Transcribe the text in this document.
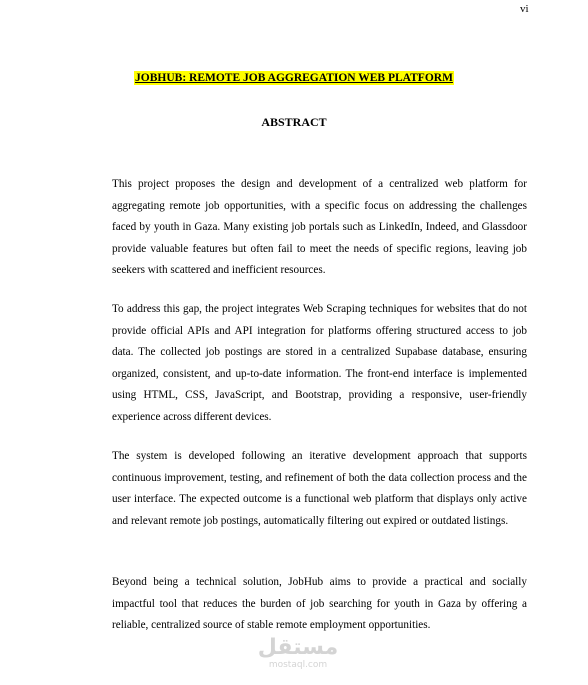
vi
JOBHUB: REMOTE JOB AGGREGATION WEB PLATFORM
ABSTRACT

This project proposes the design and development of a centralized web platform for aggregating remote job opportunities, with a specific focus on addressing the challenges faced by youth in Gaza. Many existing job portals such as LinkedIn, Indeed, and Glassdoor provide valuable features but often fail to meet the needs of specific regions, leaving job seekers with scattered and inefficient resources.

To address this gap, the project integrates Web Scraping techniques for websites that do not provide official APIs and API integration for platforms offering structured access to job data. The collected job postings are stored in a centralized Supabase database, ensuring organized, consistent, and up-to-date information. The front-end interface is implemented using HTML, CSS, JavaScript, and Bootstrap, providing a responsive, user-friendly experience across different devices.

The system is developed following an iterative development approach that supports continuous improvement, testing, and refinement of both the data collection process and the user interface. The expected outcome is a functional web platform that displays only active and relevant remote job postings, automatically filtering out expired or outdated listings.

Beyond being a technical solution, JobHub aims to provide a practical and socially impactful tool that reduces the burden of job searching for youth in Gaza by offering a reliable, centralized source of stable remote employment opportunities.

مستقل
mostaql.com
